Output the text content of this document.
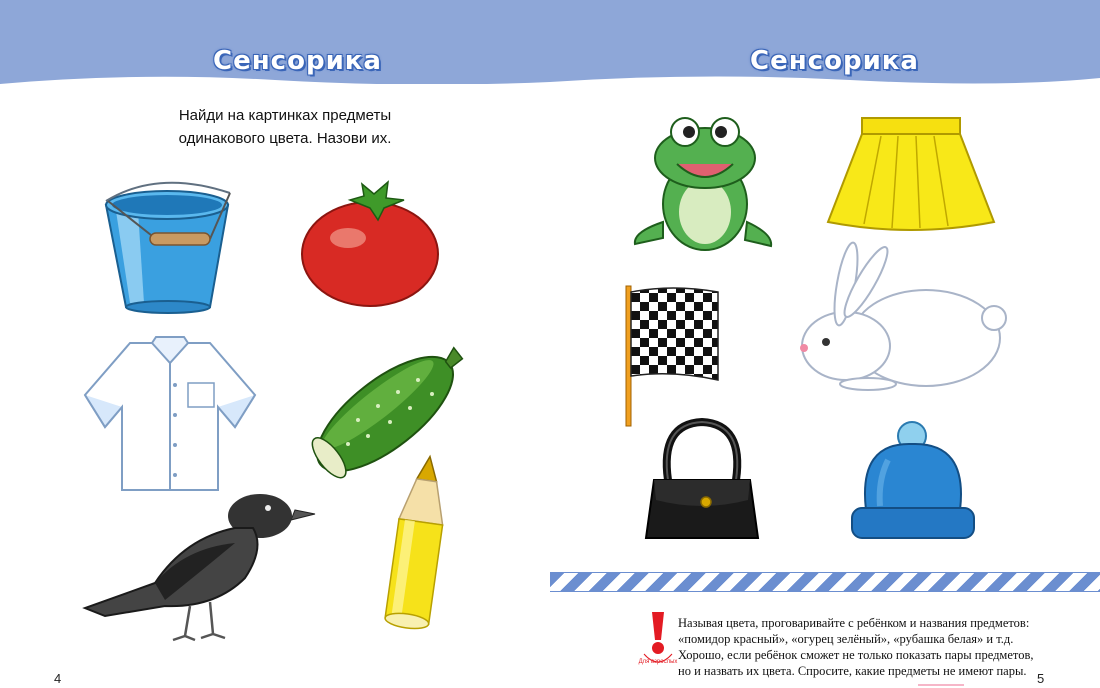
Сенсорика	Сенсорика
Найди на картинках предметы
одинакового цвета. Назови их.
Для взрослых
Называя цвета, проговаривайте с ребёнком и названия предметов:
«помидор красный», «огурец зелёный», «рубашка белая» и т.д.
Хорошо, если ребёнок сможет не только показать пары предметов,
но и назвать их цвета. Спросите, какие предметы не имеют пары.
4	5
